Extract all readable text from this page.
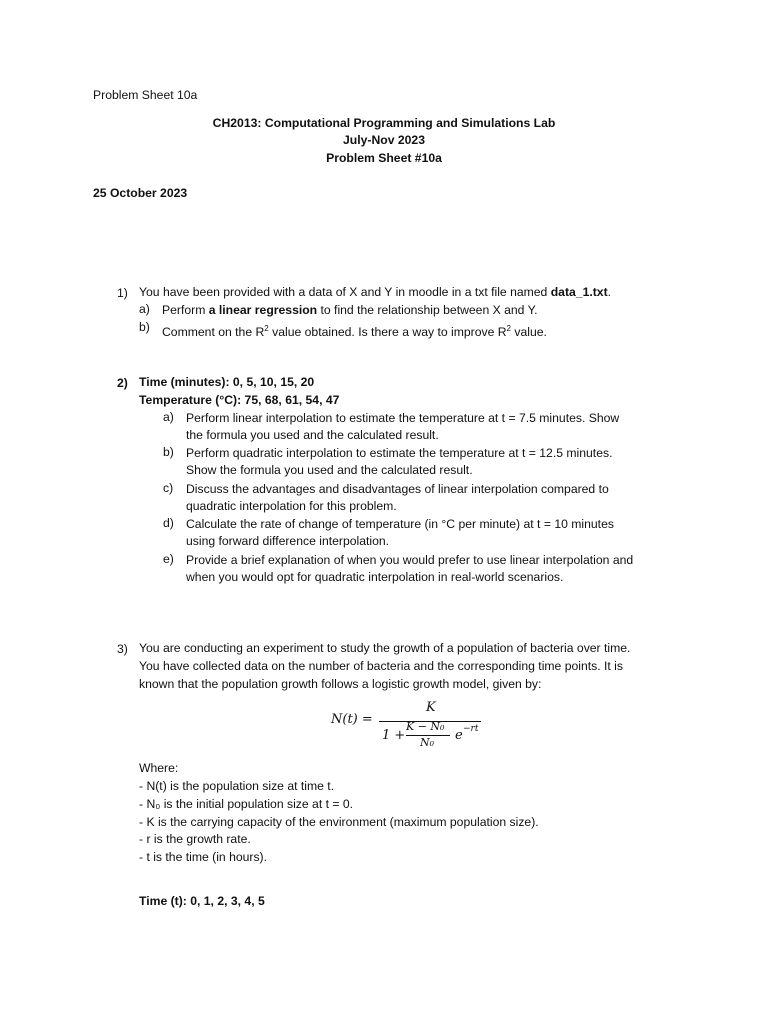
Problem Sheet 10a
CH2013: Computational Programming and Simulations Lab
July-Nov 2023
Problem Sheet #10a
25 October 2023
1) You have been provided with a data of X and Y in moodle in a txt file named data_1.txt.
a) Perform a linear regression to find the relationship between X and Y.
b) Comment on the $R^2$ value obtained. Is there a way to improve $R^2$ value.
2) Time (minutes): 0, 5, 10, 15, 20
Temperature (°C): 75, 68, 61, 54, 47
a) Perform linear interpolation to estimate the temperature at t = 7.5 minutes. Show
the formula you used and the calculated result.
b) Perform quadratic interpolation to estimate the temperature at t = 12.5 minutes.
Show the formula you used and the calculated result.
c) Discuss the advantages and disadvantages of linear interpolation compared to
quadratic interpolation for this problem.
d) Calculate the rate of change of temperature (in °C per minute) at t = 10 minutes
using forward difference interpolation.
e) Provide a brief explanation of when you would prefer to use linear interpolation and
when you would opt for quadratic interpolation in real-world scenarios.
3) You are conducting an experiment to study the growth of a population of bacteria over time.
You have collected data on the number of bacteria and the corresponding time points. It is
known that the population growth follows a logistic growth model, given by:
N(t) =
K
1 +
K − N₀
N₀ e −rt
Where:
- N(t) is the population size at time t.
- N₀ is the initial population size at t = 0.
- K is the carrying capacity of the environment (maximum population size).
- r is the growth rate.
- t is the time (in hours).
Time (t): 0, 1, 2, 3, 4, 5
